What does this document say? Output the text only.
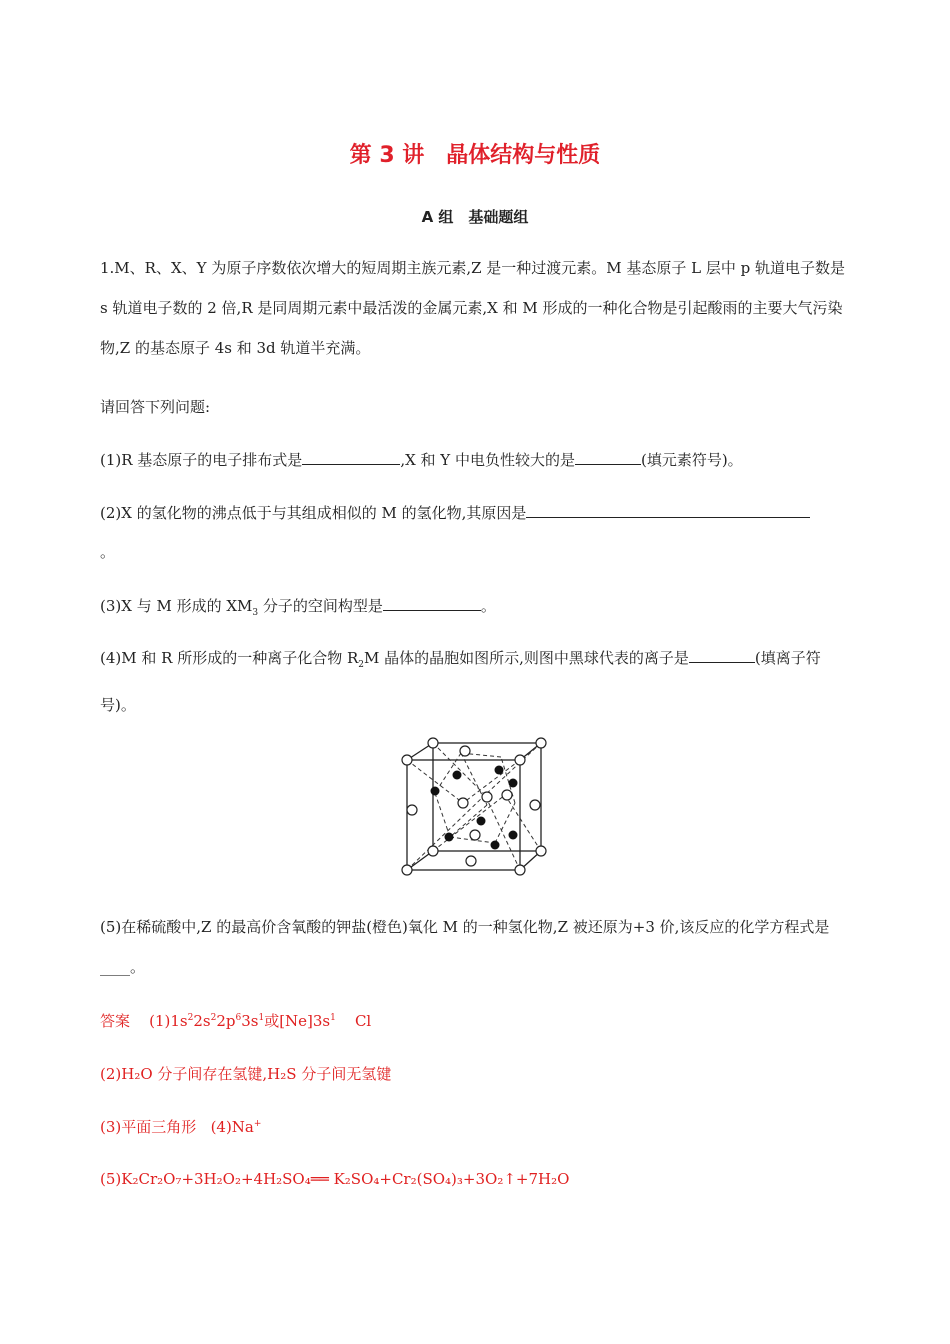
第 3 讲　晶体结构与性质
A 组　基础题组
1.M、R、X、Y 为原子序数依次增大的短周期主族元素,Z 是一种过渡元素。M 基态原子 L 层中 p 轨道电子数是 s 轨道电子数的 2 倍,R 是同周期元素中最活泼的金属元素,X 和 M 形成的一种化合物是引起酸雨的主要大气污染物,Z 的基态原子 4s 和 3d 轨道半充满。
请回答下列问题:
(1)R 基态原子的电子排布式是	,X 和 Y 中电负性较大的是	(填元素符号)。
(2)X 的氢化物的沸点低于与其组成相似的 M 的氢化物,其原因是
。
(3)X 与 M 形成的 $XM_3$ 分子的空间构型是	。
(4)M 和 R 所形成的一种离子化合物 $R_2M$ 晶体的晶胞如图所示,则图中黑球代表的离子是	(填离子符号)。
(5)在稀硫酸中,Z 的最高价含氧酸的钾盐(橙色)氧化 M 的一种氢化物,Z 被还原为+3 价,该反应的化学方程式是____。
答案 $(1)1s^22s^22p^63s^1$或$[Ne]3s^1$ Cl
(2)H₂O 分子间存在氢键,H₂S 分子间无氢键
(3)平面三角形 (4)Na+
(5)K₂Cr₂O₇+3H₂O₂+4H₂SO₄══ K₂SO₄+Cr₂(SO₄)₃+3O₂↑+7H₂O
